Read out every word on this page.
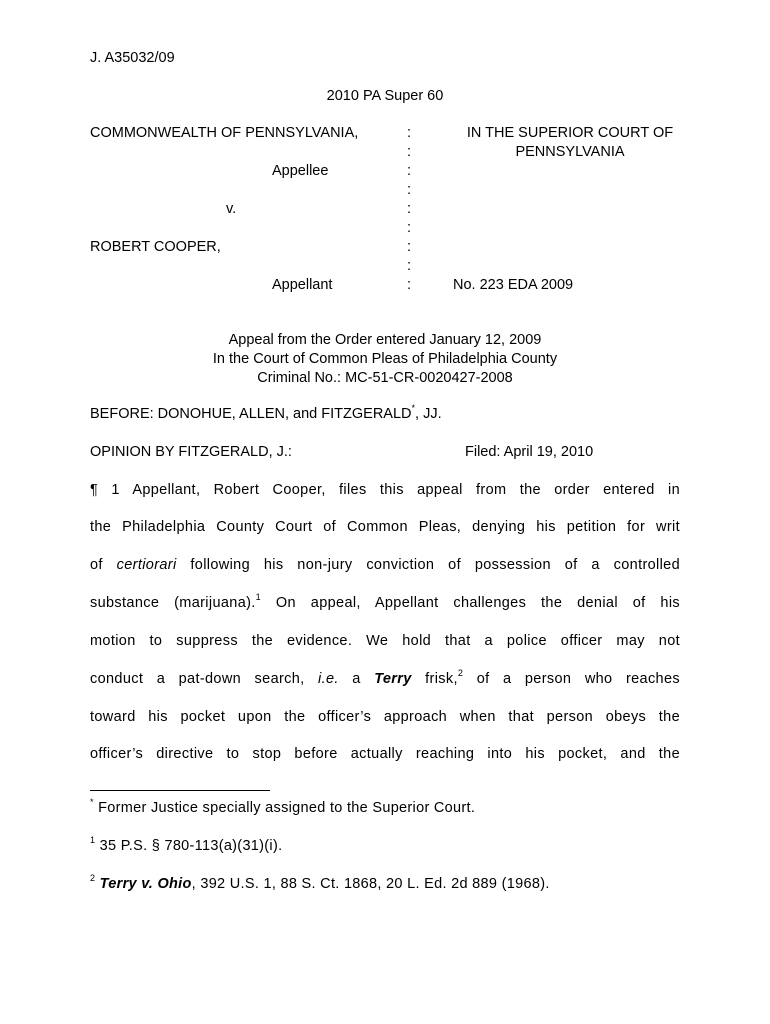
J. A35032/09
2010 PA Super 60
COMMONWEALTH OF PENNSYLVANIA,
Appellee
v.
ROBERT COOPER,
Appellant
:
:
:
:
:
:
:
:
:
IN THE SUPERIOR COURT OF
PENNSYLVANIA
No. 223 EDA 2009
Appeal from the Order entered January 12, 2009
In the Court of Common Pleas of Philadelphia County
Criminal No.: MC-51-CR-0020427-2008
BEFORE: DONOHUE, ALLEN, and FITZGERALD*, JJ.
OPINION BY FITZGERALD, J.:	Filed: April 19, 2010
¶ 1 Appellant, Robert Cooper, files this appeal from the order entered in
the Philadelphia County Court of Common Pleas, denying his petition for writ
of certiorari following his non-jury conviction of possession of a controlled
substance (marijuana).$^1$ On appeal, Appellant challenges the denial of his
motion to suppress the evidence. We hold that a police officer may not
conduct a pat-down search, i.e. a Terry frisk,$^2$ of a person who reaches
toward his pocket upon the officer’s approach when that person obeys the
officer’s directive to stop before actually reaching into his pocket, and the
* Former Justice specially assigned to the Superior Court.
$^1$ 35 P.S. § 780-113(a)(31)(i).
$^2$ Terry v. Ohio, 392 U.S. 1, 88 S. Ct. 1868, 20 L. Ed. 2d 889 (1968).
